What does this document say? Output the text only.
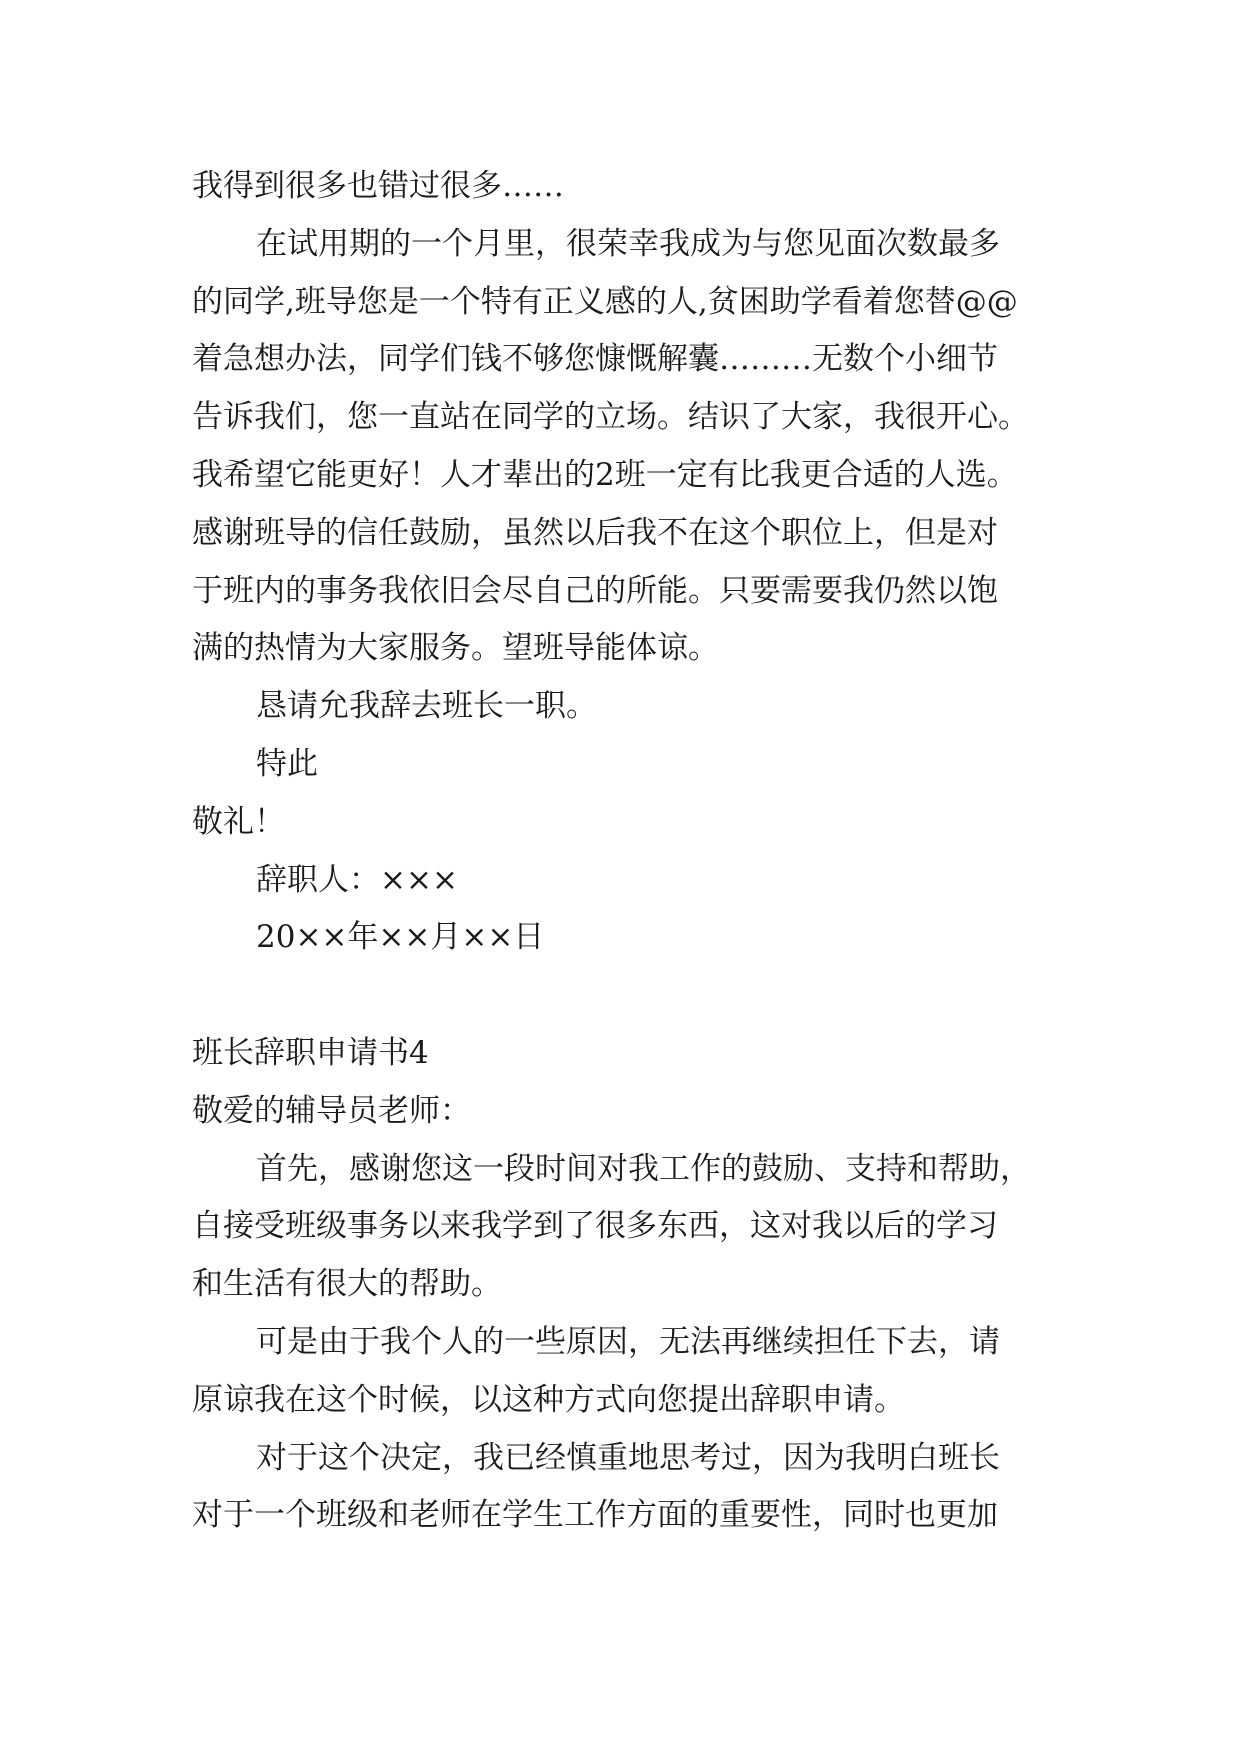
我得到很多也错过很多……
在试用期的一个月里，很荣幸我成为与您见面次数最多
的同学,班导您是一个特有正义感的人,贫困助学看着您替@@
着急想办法，同学们钱不够您慷慨解囊………无数个小细节
告诉我们，您一直站在同学的立场。结识了大家，我很开心。
我希望它能更好！人才辈出的2班一定有比我更合适的人选。
感谢班导的信任鼓励，虽然以后我不在这个职位上，但是对
于班内的事务我依旧会尽自己的所能。只要需要我仍然以饱
满的热情为大家服务。望班导能体谅。
恳请允我辞去班长一职。
特此
敬礼！
辞职人：×××
20××年××月××日
班长辞职申请书4
敬爱的辅导员老师：
首先，感谢您这一段时间对我工作的鼓励、支持和帮助，
自接受班级事务以来我学到了很多东西，这对我以后的学习
和生活有很大的帮助。
可是由于我个人的一些原因，无法再继续担任下去，请
原谅我在这个时候，以这种方式向您提出辞职申请。
对于这个决定，我已经慎重地思考过，因为我明白班长
对于一个班级和老师在学生工作方面的重要性，同时也更加
